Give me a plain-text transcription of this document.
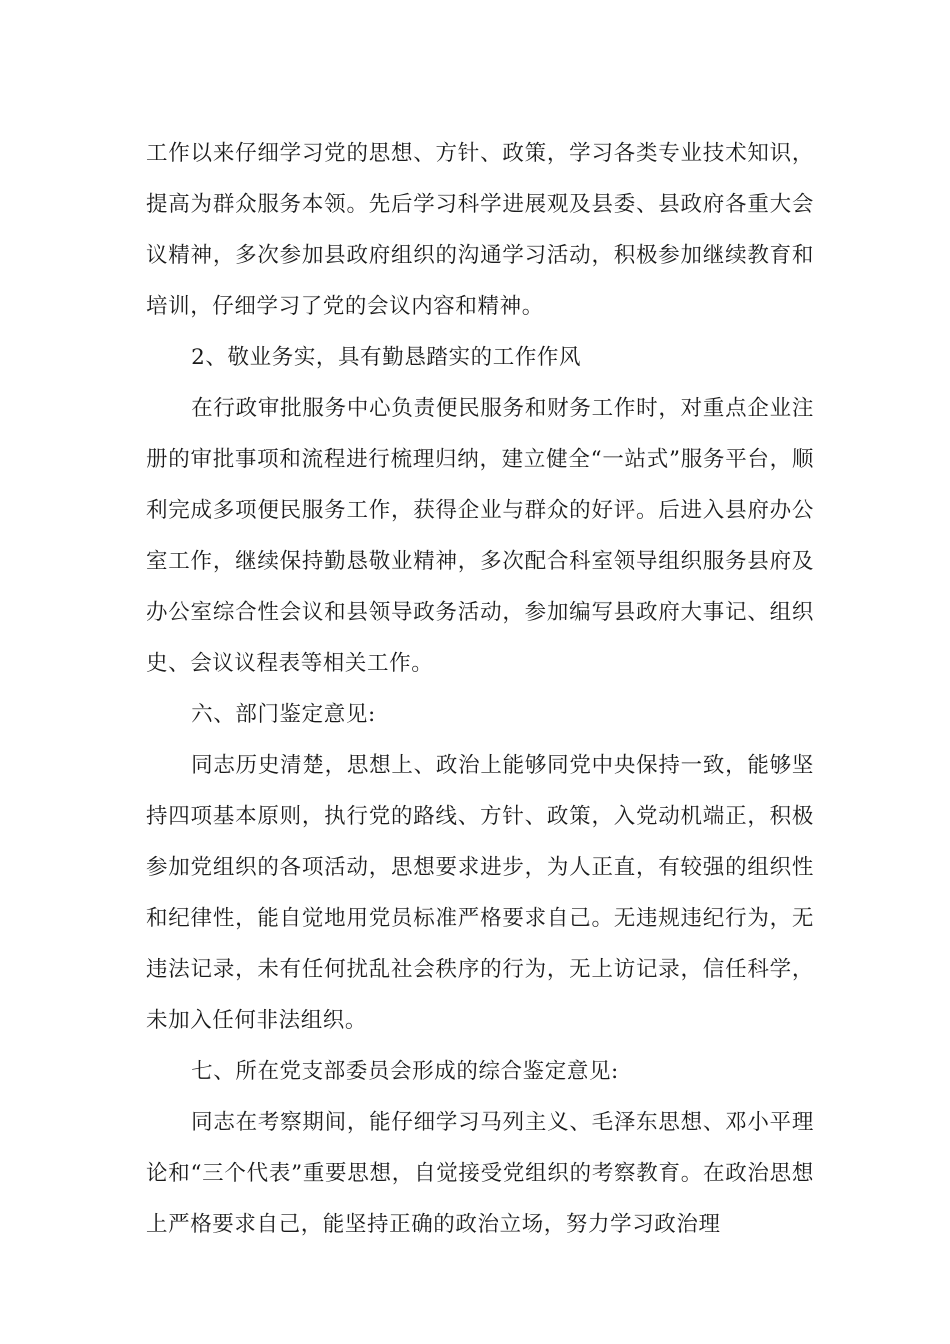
工作以来仔细学习党的思想、方针、政策，学习各类专业技术知识，提高为群众服务本领。先后学习科学进展观及县委、县政府各重大会议精神，多次参加县政府组织的沟通学习活动，积极参加继续教育和培训，仔细学习了党的会议内容和精神。

2、敬业务实，具有勤恳踏实的工作作风

在行政审批服务中心负责便民服务和财务工作时，对重点企业注册的审批事项和流程进行梳理归纳，建立健全“一站式”服务平台，顺利完成多项便民服务工作，获得企业与群众的好评。后进入县府办公室工作，继续保持勤恳敬业精神，多次配合科室领导组织服务县府及办公室综合性会议和县领导政务活动，参加编写县政府大事记、组织史、会议议程表等相关工作。

六、部门鉴定意见:

同志历史清楚，思想上、政治上能够同党中央保持一致，能够坚持四项基本原则，执行党的路线、方针、政策，入党动机端正，积极参加党组织的各项活动，思想要求进步，为人正直，有较强的组织性和纪律性，能自觉地用党员标准严格要求自己。无违规违纪行为，无违法记录，未有任何扰乱社会秩序的行为，无上访记录，信任科学，未加入任何非法组织。

七、所在党支部委员会形成的综合鉴定意见:

同志在考察期间，能仔细学习马列主义、毛泽东思想、邓小平理论和“三个代表”重要思想，自觉接受党组织的考察教育。在政治思想上严格要求自己，能坚持正确的政治立场，努力学习政治理
